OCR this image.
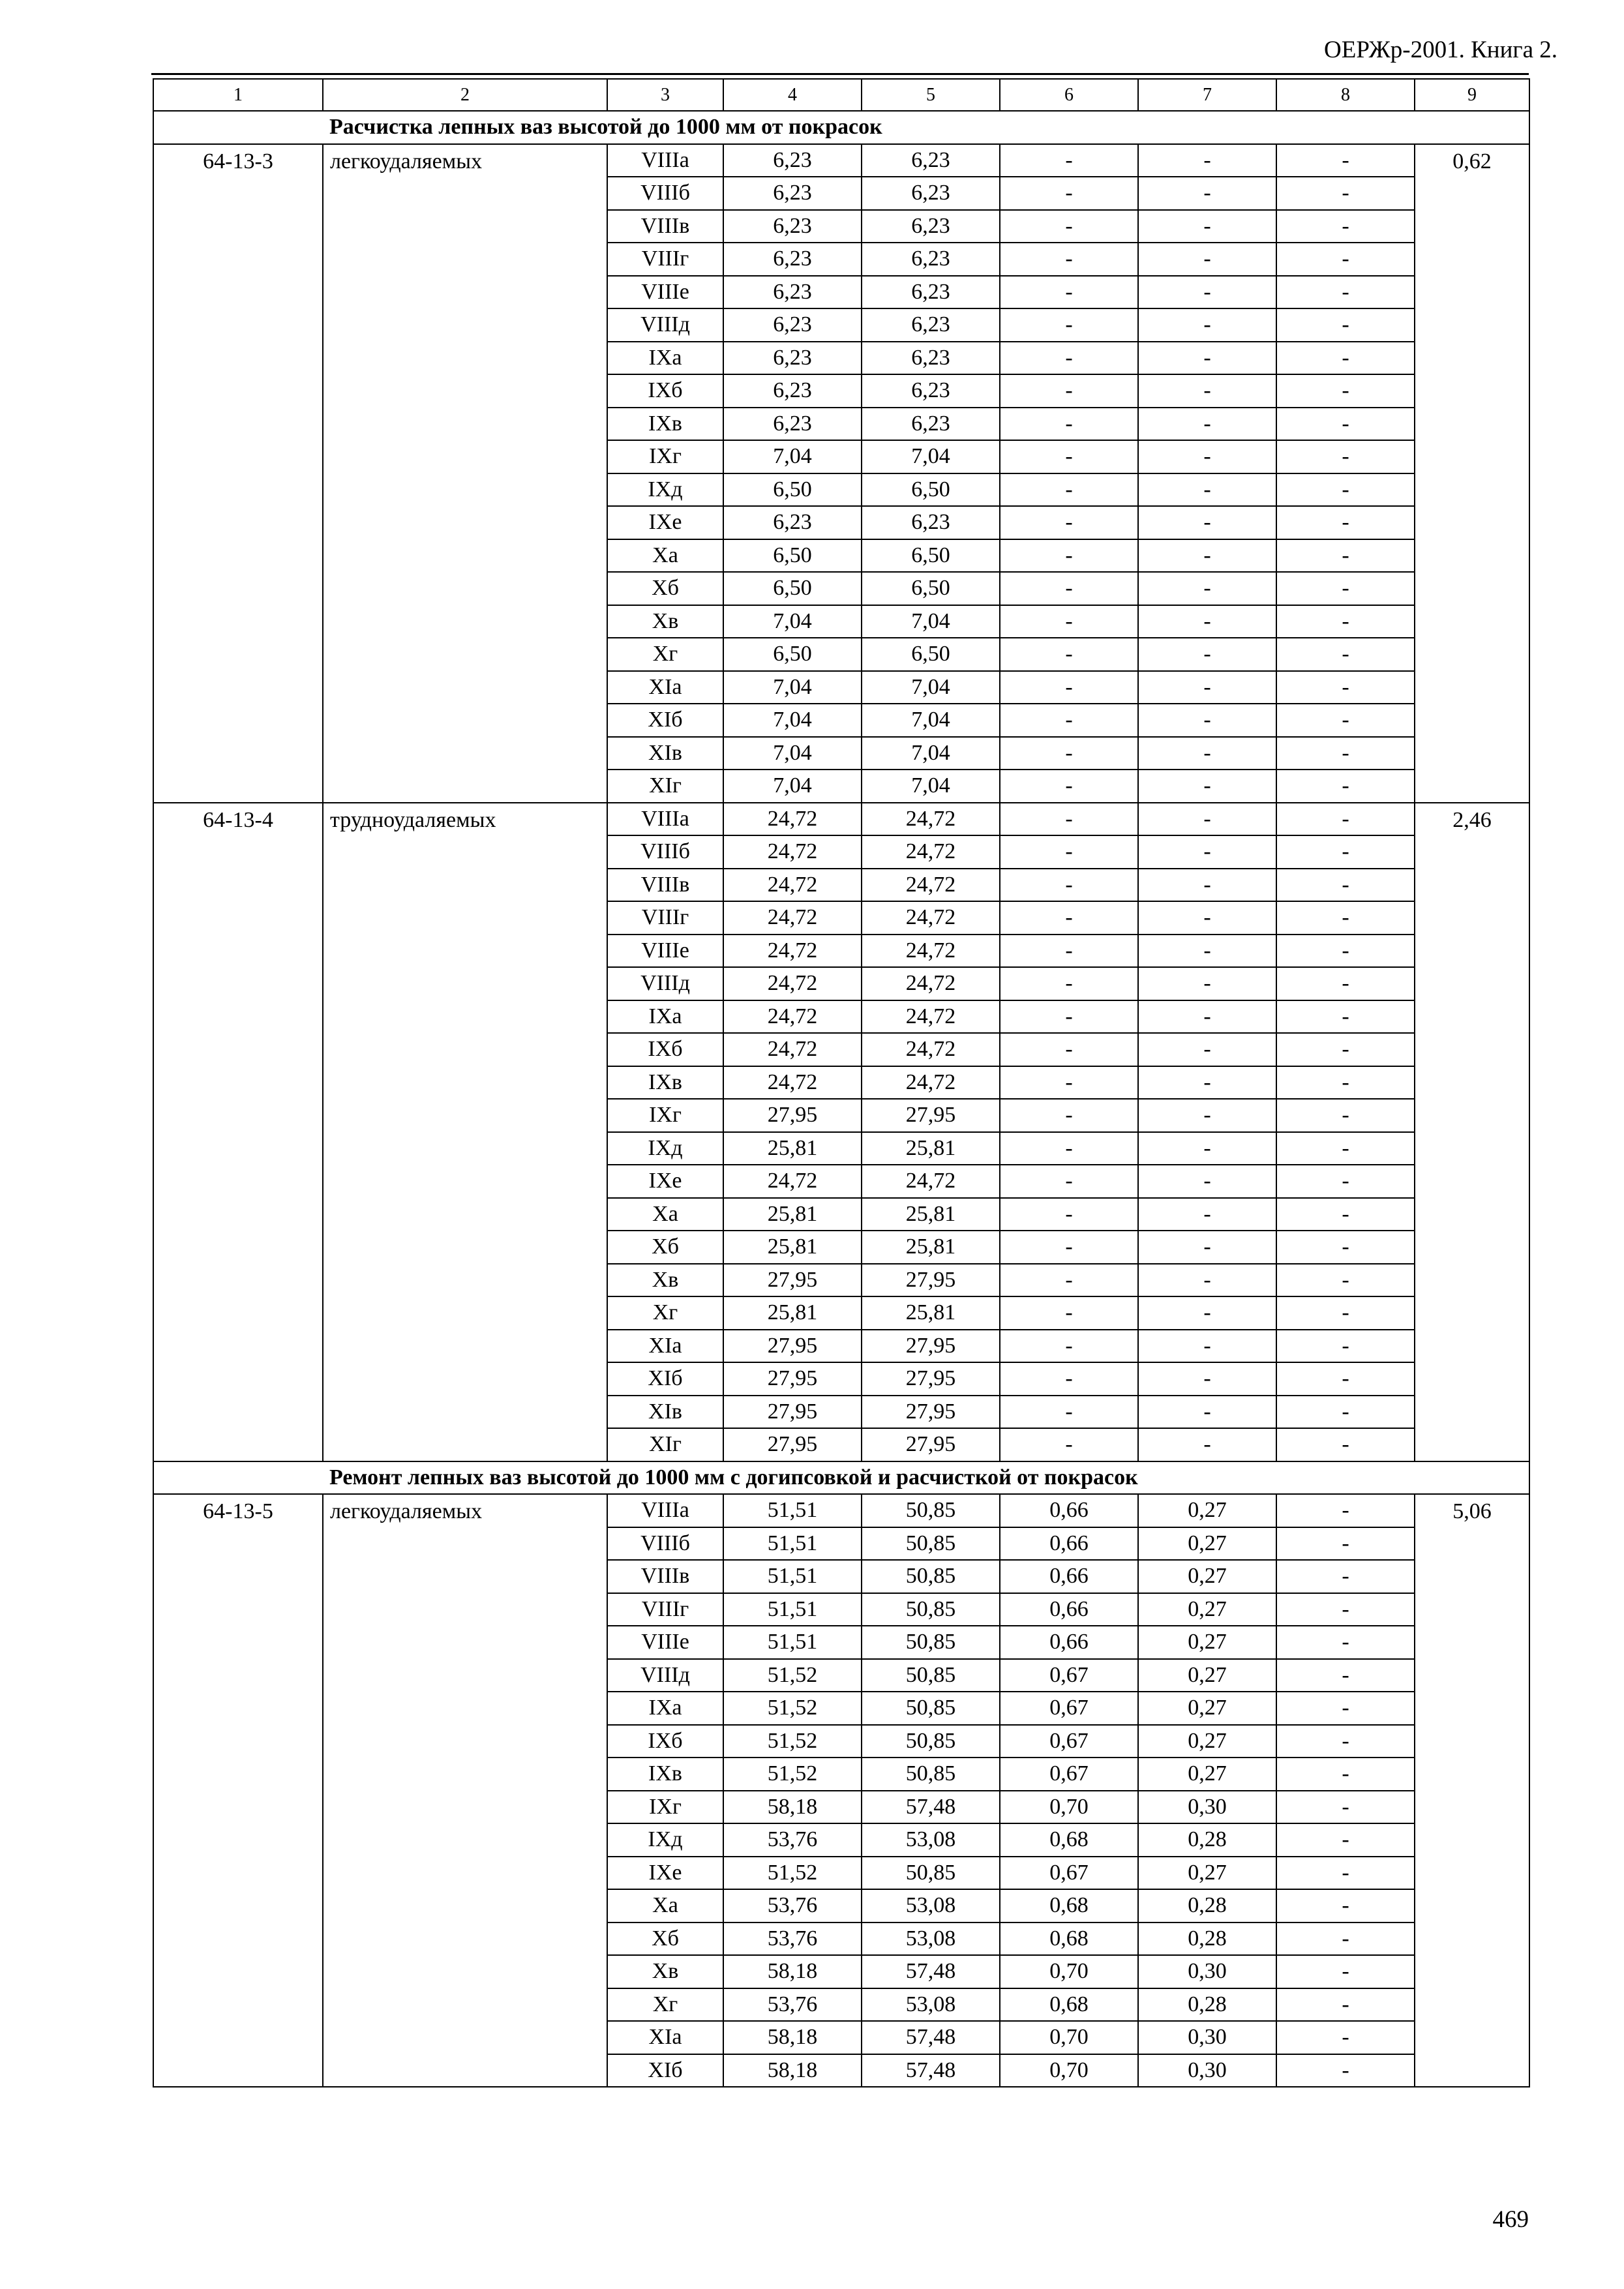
ОЕРЖр-2001. Книга 2.
1	2	3	4	5	6	7	8	9
	Расчистка лепных ваз высотой до 1000 мм от покрасок							
64-13-3	легкоудаляемых	VIIIа	6,23	6,23	-	-	-	0,62
		VIIIб	6,23	6,23	-	-	-	
		VIIIв	6,23	6,23	-	-	-	
		VIIIг	6,23	6,23	-	-	-	
		VIIIе	6,23	6,23	-	-	-	
		VIIIд	6,23	6,23	-	-	-	
		IXа	6,23	6,23	-	-	-	
		IXб	6,23	6,23	-	-	-	
		IXв	6,23	6,23	-	-	-	
		IXг	7,04	7,04	-	-	-	
		IXд	6,50	6,50	-	-	-	
		IXе	6,23	6,23	-	-	-	
		Xа	6,50	6,50	-	-	-	
		Xб	6,50	6,50	-	-	-	
		Xв	7,04	7,04	-	-	-	
		Xг	6,50	6,50	-	-	-	
		XIа	7,04	7,04	-	-	-	
		XIб	7,04	7,04	-	-	-	
		XIв	7,04	7,04	-	-	-	
		XIг	7,04	7,04	-	-	-	
64-13-4	трудноудаляемых	VIIIа	24,72	24,72	-	-	-	2,46
		VIIIб	24,72	24,72	-	-	-	
		VIIIв	24,72	24,72	-	-	-	
		VIIIг	24,72	24,72	-	-	-	
		VIIIе	24,72	24,72	-	-	-	
		VIIIд	24,72	24,72	-	-	-	
		IXа	24,72	24,72	-	-	-	
		IXб	24,72	24,72	-	-	-	
		IXв	24,72	24,72	-	-	-	
		IXг	27,95	27,95	-	-	-	
		IXд	25,81	25,81	-	-	-	
		IXе	24,72	24,72	-	-	-	
		Xа	25,81	25,81	-	-	-	
		Xб	25,81	25,81	-	-	-	
		Xв	27,95	27,95	-	-	-	
		Xг	25,81	25,81	-	-	-	
		XIа	27,95	27,95	-	-	-	
		XIб	27,95	27,95	-	-	-	
		XIв	27,95	27,95	-	-	-	
		XIг	27,95	27,95	-	-	-	
	Ремонт лепных ваз высотой до 1000 мм с догипсовкой и расчисткой от покрасок							
64-13-5	легкоудаляемых	VIIIа	51,51	50,85	0,66	0,27	-	5,06
		VIIIб	51,51	50,85	0,66	0,27	-	
		VIIIв	51,51	50,85	0,66	0,27	-	
		VIIIг	51,51	50,85	0,66	0,27	-	
		VIIIе	51,51	50,85	0,66	0,27	-	
		VIIIд	51,52	50,85	0,67	0,27	-	
		IXа	51,52	50,85	0,67	0,27	-	
		IXб	51,52	50,85	0,67	0,27	-	
		IXв	51,52	50,85	0,67	0,27	-	
		IXг	58,18	57,48	0,70	0,30	-	
		IXд	53,76	53,08	0,68	0,28	-	
		IXе	51,52	50,85	0,67	0,27	-	
		Xа	53,76	53,08	0,68	0,28	-	
		Xб	53,76	53,08	0,68	0,28	-	
		Xв	58,18	57,48	0,70	0,30	-	
		Xг	53,76	53,08	0,68	0,28	-	
		XIа	58,18	57,48	0,70	0,30	-	
		XIб	58,18	57,48	0,70	0,30	-	
469
